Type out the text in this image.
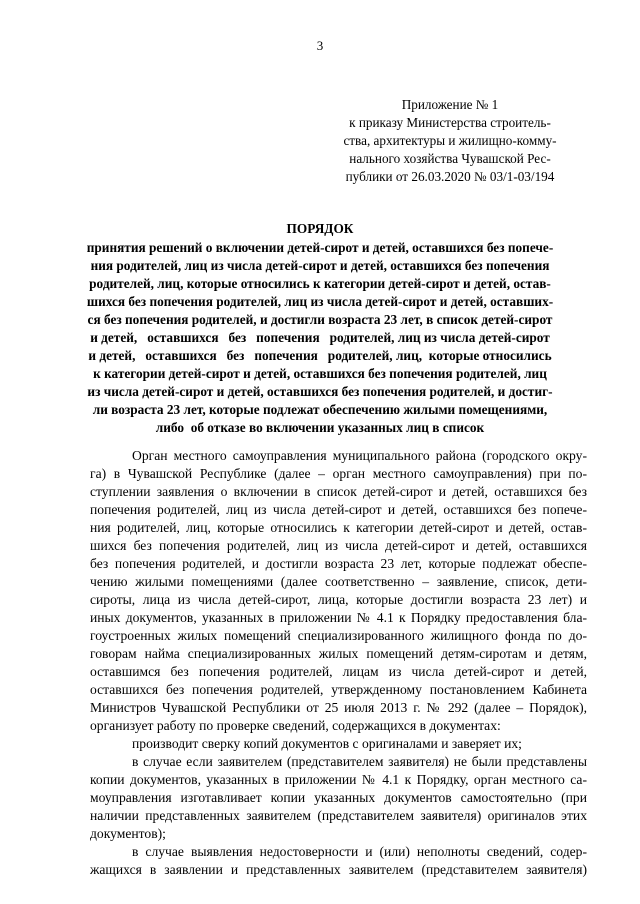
3
Приложение № 1
к приказу Министерства строитель-
ства, архитектуры и жилищно-комму-
нального хозяйства Чувашской Рес-
публики от 26.03.2020 № 03/1-03/194
ПОРЯДОК
принятия решений о включении детей-сирот и детей, оставшихся без попече-
ния родителей, лиц из числа детей-сирот и детей, оставшихся без попечения
родителей, лиц, которые относились к категории детей-сирот и детей, остав-
шихся без попечения родителей, лиц из числа детей-сирот и детей, оставших-
ся без попечения родителей, и достигли возраста 23 лет, в список детей-сирот
и детей,   оставшихся   без   попечения   родителей, лиц из числа детей-сирот
и детей,   оставшихся   без   попечения   родителей, лиц,  которые относились
к категории детей-сирот и детей, оставшихся без попечения родителей, лиц
из числа детей-сирот и детей, оставшихся без попечения родителей, и достиг-
ли возраста 23 лет, которые подлежат обеспечению жилыми помещениями,
либо  об отказе во включении указанных лиц в список
Орган местного самоуправления муниципального района (городского окру-
га) в Чувашской Республике (далее – орган местного самоуправления) при по-
ступлении заявления о включении в список детей-сирот и детей, оставшихся без
попечения родителей, лиц из числа детей-сирот и детей, оставшихся без попече-
ния родителей, лиц, которые относились к категории детей-сирот и детей, остав-
шихся без попечения родителей, лиц из числа детей-сирот и детей, оставшихся
без попечения родителей, и достигли возраста 23 лет, которые подлежат обеспе-
чению жилыми помещениями (далее соответственно – заявление, список, дети-
сироты, лица из числа детей-сирот, лица, которые достигли возраста 23 лет) и
иных документов, указанных в приложении № 4.1 к Порядку предоставления бла-
гоустроенных жилых помещений специализированного жилищного фонда по до-
говорам найма специализированных жилых помещений детям-сиротам и детям,
оставшимся без попечения родителей, лицам из числа детей-сирот и детей,
оставшихся без попечения родителей, утвержденному постановлением Кабинета
Министров Чувашской Республики от 25 июля 2013 г. № 292 (далее – Порядок),
организует работу по проверке сведений, содержащихся в документах:
производит сверку копий документов с оригиналами и заверяет их;
в случае если заявителем (представителем заявителя) не были представлены
копии документов, указанных в приложении № 4.1 к Порядку, орган местного са-
моуправления изготавливает копии указанных документов самостоятельно (при
наличии представленных заявителем (представителем заявителя) оригиналов этих
документов);
в случае выявления недостоверности и (или) неполноты сведений, содер-
жащихся в заявлении и представленных заявителем (представителем заявителя)
